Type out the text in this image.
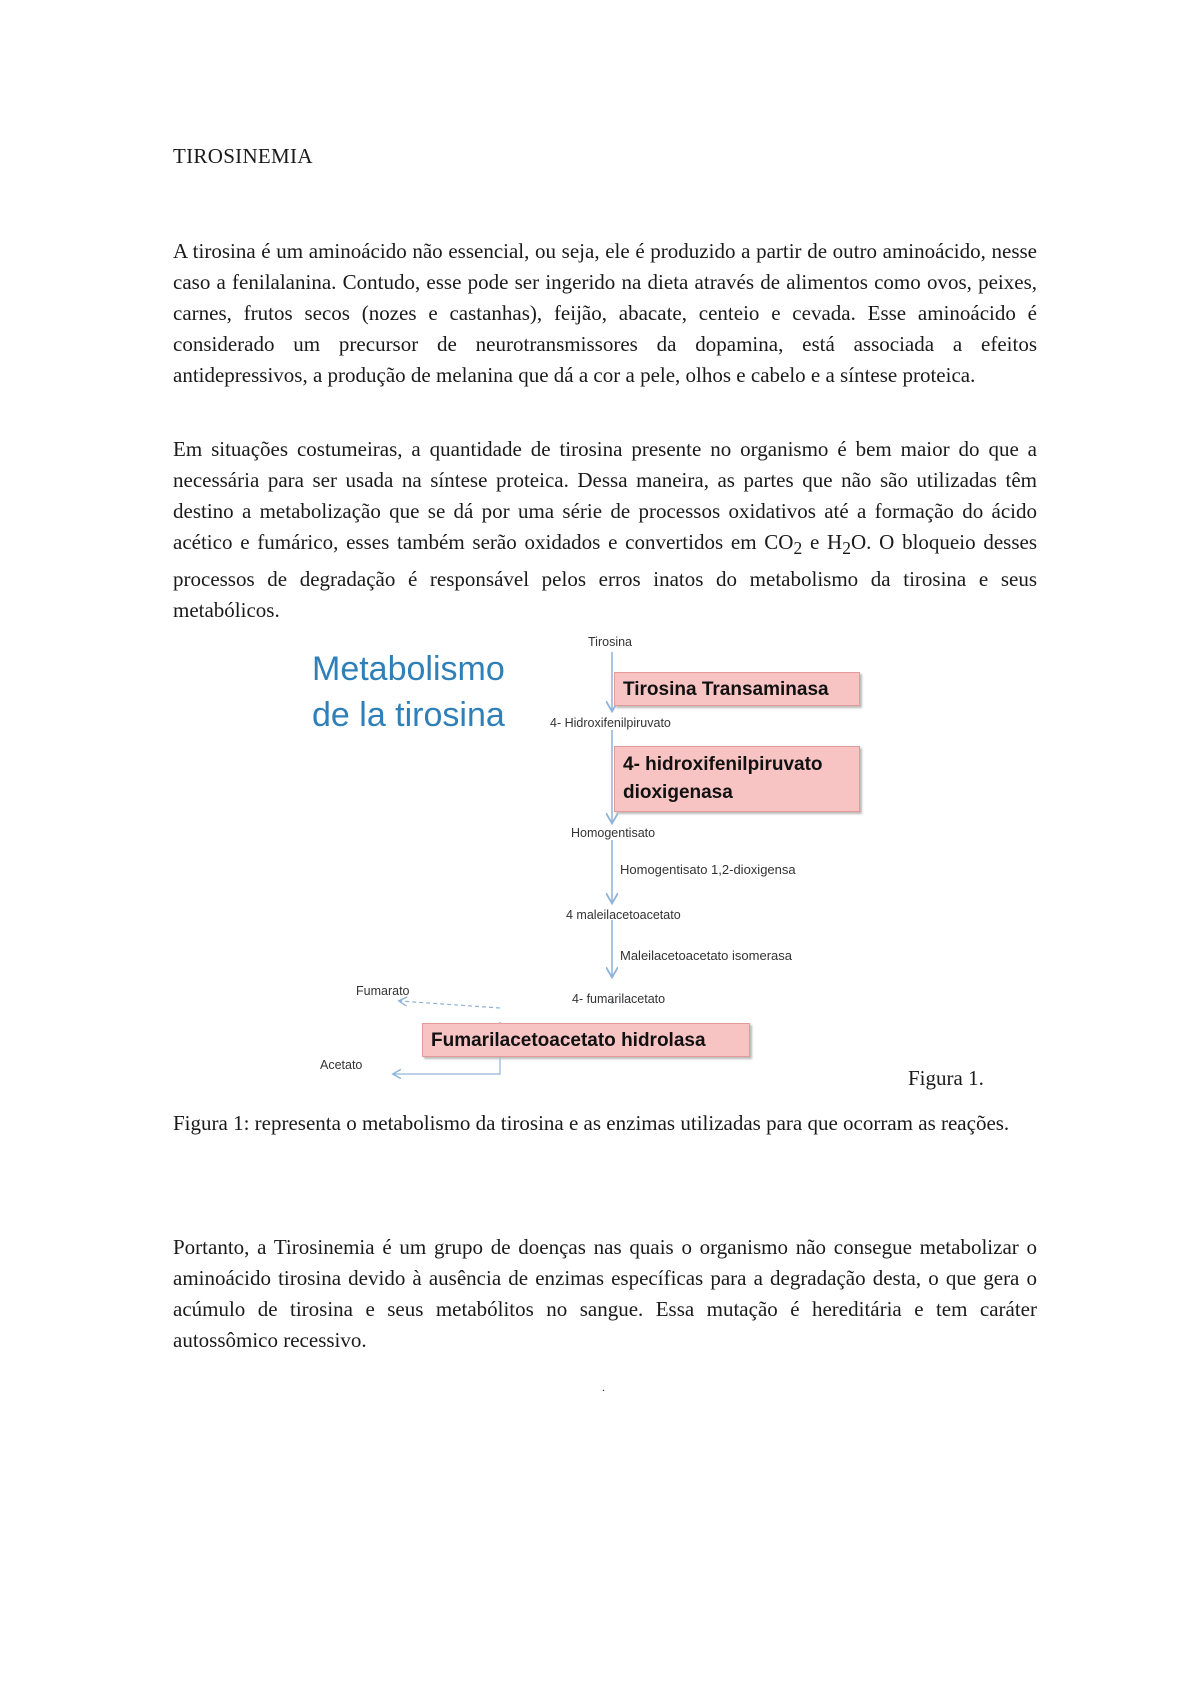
TIROSINEMIA

A tirosina é um aminoácido não essencial, ou seja, ele é produzido a partir de outro aminoácido, nesse caso a fenilalanina. Contudo, esse pode ser ingerido na dieta através de alimentos como ovos, peixes, carnes, frutos secos (nozes e castanhas), feijão, abacate, centeio e cevada. Esse aminoácido é considerado um precursor de neurotransmissores da dopamina, está associada a efeitos antidepressivos, a produção de melanina que dá a cor a pele, olhos e cabelo e a síntese proteica.

Em situações costumeiras, a quantidade de tirosina presente no organismo é bem maior do que a necessária para ser usada na síntese proteica. Dessa maneira, as partes que não são utilizadas têm destino a metabolização que se dá por uma série de processos oxidativos até a formação do ácido acético e fumárico, esses também serão oxidados e convertidos em $CO_2$ e $H_2O$. O bloqueio desses processos de degradação é responsável pelos erros inatos do metabolismo da tirosina e seus metabólicos.

Metabolismo
de la tirosina

Tirosina

Tirosina Transaminasa

4- Hidroxifenilpiruvato

4- hidroxifenilpiruvato
dioxigenasa

Homogentisato

Homogentisato 1,2-dioxigensa

4 maleilacetoacetato

Maleilacetoacetato isomerasa

4- fumarilacetato

Fumarato

Fumarilacetoacetato hidrolasa

Acetato

Figura 1.

Figura 1: representa o metabolismo da tirosina e as enzimas utilizadas para que ocorram as reações.

Portanto, a Tirosinemia é um grupo de doenças nas quais o organismo não consegue metabolizar o aminoácido tirosina devido à ausência de enzimas específicas para a degradação desta, o que gera o acúmulo de tirosina e seus metabólitos no sangue. Essa mutação é hereditária e tem caráter autossômico recessivo.

.
